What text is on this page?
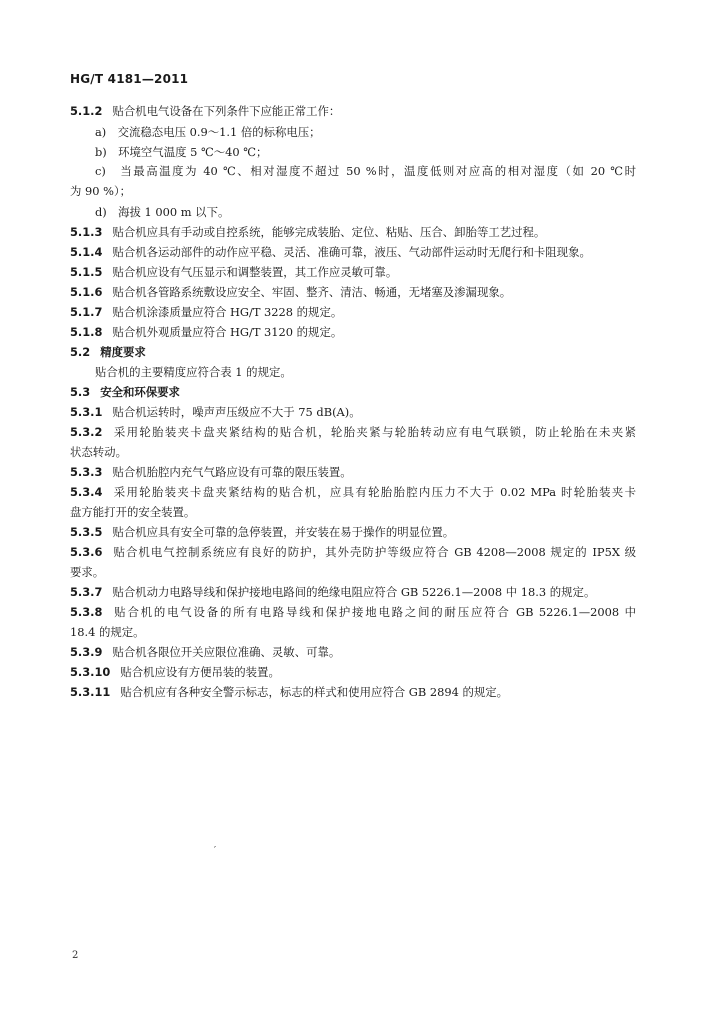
HG/T 4181—2011
5.1.2 贴合机电气设备在下列条件下应能正常工作：
a)　交流稳态电压 0.9～1.1 倍的标称电压；
b)　环境空气温度 5 ℃～40 ℃；
c)　当最高温度为 40 ℃、相对湿度不超过 50 %时，温度低则对应高的相对湿度（如 20 ℃时
为 90 %）；
d)　海拔 1 000 m 以下。
5.1.3 贴合机应具有手动或自控系统，能够完成装胎、定位、粘贴、压合、卸胎等工艺过程。
5.1.4 贴合机各运动部件的动作应平稳、灵活、准确可靠，液压、气动部件运动时无爬行和卡阻现象。
5.1.5 贴合机应设有气压显示和调整装置，其工作应灵敏可靠。
5.1.6 贴合机各管路系统敷设应安全、牢固、整齐、清洁、畅通，无堵塞及渗漏现象。
5.1.7 贴合机涂漆质量应符合 HG/T 3228 的规定。
5.1.8 贴合机外观质量应符合 HG/T 3120 的规定。
5.2 精度要求
贴合机的主要精度应符合表 1 的规定。
5.3 安全和环保要求
5.3.1 贴合机运转时，噪声声压级应不大于 75 dB(A)。
5.3.2 采用轮胎装夹卡盘夹紧结构的贴合机，轮胎夹紧与轮胎转动应有电气联锁，防止轮胎在未夹紧
状态转动。
5.3.3 贴合机胎腔内充气气路应设有可靠的限压装置。
5.3.4 采用轮胎装夹卡盘夹紧结构的贴合机，应具有轮胎胎腔内压力不大于 0.02 MPa 时轮胎装夹卡
盘方能打开的安全装置。
5.3.5 贴合机应具有安全可靠的急停装置，并安装在易于操作的明显位置。
5.3.6 贴合机电气控制系统应有良好的防护，其外壳防护等级应符合 GB 4208—2008 规定的 IP5X 级
要求。
5.3.7 贴合机动力电路导线和保护接地电路间的绝缘电阻应符合 GB 5226.1—2008 中 18.3 的规定。
5.3.8 贴合机的电气设备的所有电路导线和保护接地电路之间的耐压应符合 GB 5226.1—2008 中
18.4 的规定。
5.3.9 贴合机各限位开关应限位准确、灵敏、可靠。
5.3.10 贴合机应设有方便吊装的装置。
5.3.11 贴合机应有各种安全警示标志，标志的样式和使用应符合 GB 2894 的规定。
′
2
